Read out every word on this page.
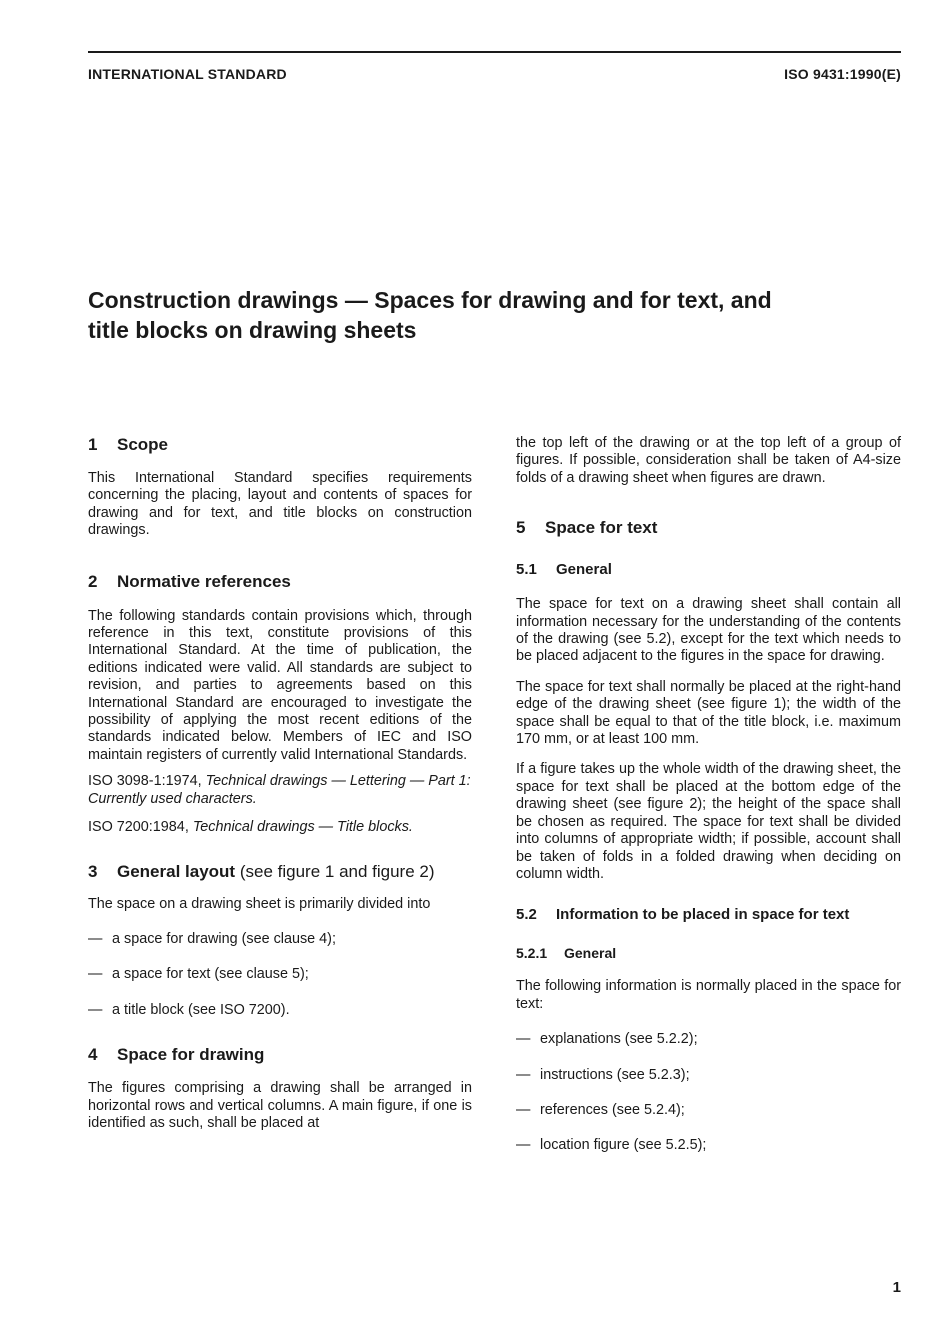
INTERNATIONAL STANDARD	ISO 9431:1990(E)
Construction drawings — Spaces for drawing and for text, and
title blocks on drawing sheets
1 Scope

This International Standard specifies requirements concerning the placing, layout and contents of spaces for drawing and for text, and title blocks on construction drawings.

2 Normative references

The following standards contain provisions which, through reference in this text, constitute provisions of this International Standard. At the time of publication, the editions indicated were valid. All standards are subject to revision, and parties to agreements based on this International Standard are encouraged to investigate the possibility of applying the most recent editions of the standards indicated below. Members of IEC and ISO maintain registers of currently valid International Standards.

ISO 3098-1:1974, Technical drawings — Lettering — Part 1: Currently used characters.

ISO 7200:1984, Technical drawings — Title blocks.

3 General layout (see figure 1 and figure 2)

The space on a drawing sheet is primarily divided into

— a space for drawing (see clause 4);

— a space for text (see clause 5);

— a title block (see ISO 7200).

4 Space for drawing

The figures comprising a drawing shall be arranged in horizontal rows and vertical columns. A main figure, if one is identified as such, shall be placed at

the top left of the drawing or at the top left of a group of figures. If possible, consideration shall be taken of A4-size folds of a drawing sheet when figures are drawn.

5 Space for text
5.1 General

The space for text on a drawing sheet shall contain all information necessary for the understanding of the contents of the drawing (see 5.2), except for the text which needs to be placed adjacent to the figures in the space for drawing.

The space for text shall normally be placed at the right-hand edge of the drawing sheet (see figure 1); the width of the space shall be equal to that of the title block, i.e. maximum 170 mm, or at least 100 mm.

If a figure takes up the whole width of the drawing sheet, the space for text shall be placed at the bottom edge of the drawing sheet (see figure 2); the height of the space shall be chosen as required. The space for text shall be divided into columns of appropriate width; if possible, account shall be taken of folds in a folded drawing when deciding on column width.

5.2 Information to be placed in space for text
5.2.1 General

The following information is normally placed in the space for text:

— explanations (see 5.2.2);

— instructions (see 5.2.3);

— references (see 5.2.4);

— location figure (see 5.2.5);

1
